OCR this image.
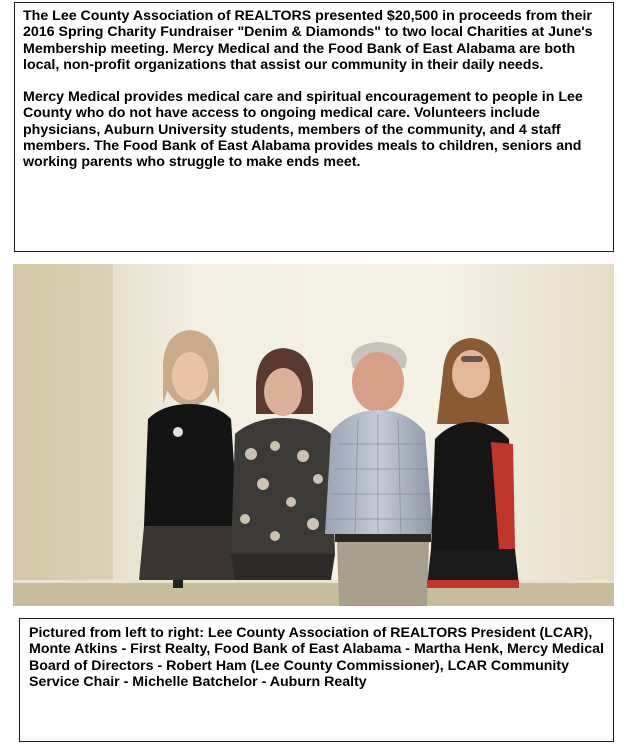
The Lee County Association of REALTORS presented $20,500 in proceeds from their 2016 Spring Charity Fundraiser "Denim & Diamonds" to two local Charities at June's Membership meeting. Mercy Medical and the Food Bank of East Alabama are both local, non-profit organizations that assist our community in their daily needs.

Mercy Medical provides medical care and spiritual encouragement to people in Lee County who do not have access to ongoing medical care. Volunteers include physicians, Auburn University students, members of the community, and 4 staff members. The Food Bank of East Alabama provides meals to children, seniors and working parents who struggle to make ends meet.

Pictured from left to right: Lee County Association of REALTORS President (LCAR), Monte Atkins - First Realty, Food Bank of East Alabama - Martha Henk, Mercy Medical Board of Directors - Robert Ham (Lee County Commissioner), LCAR Community Service Chair - Michelle Batchelor - Auburn Realty
